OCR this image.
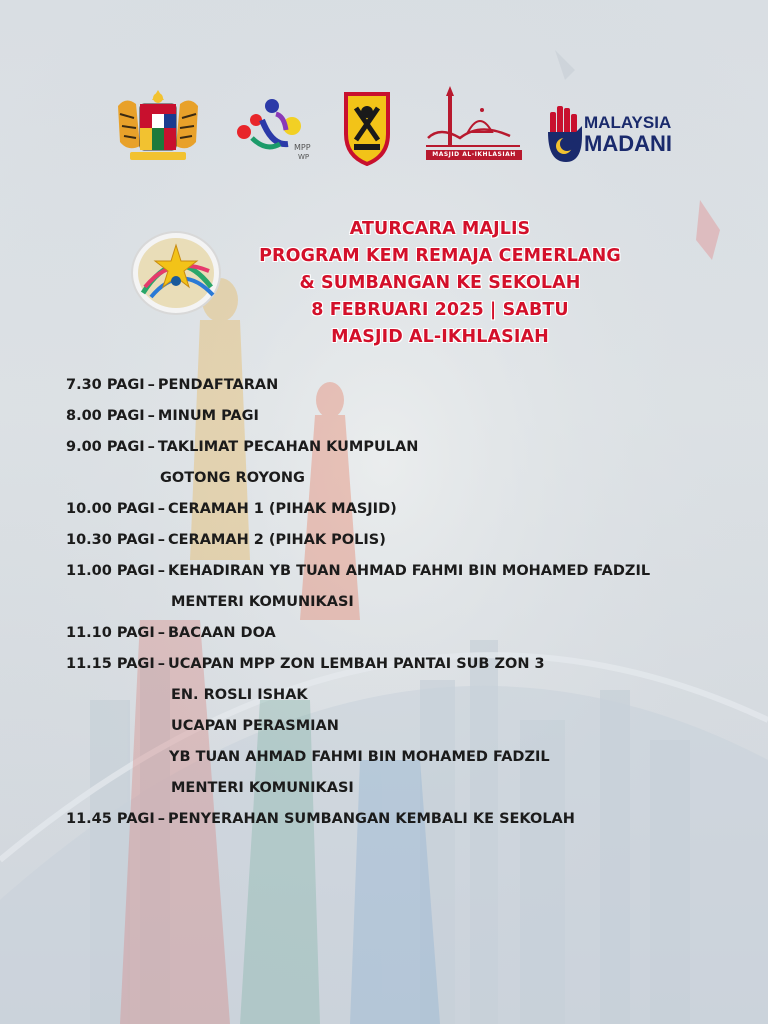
MPP
WP	MASJID AL-IKHLASIAH
MALAYSIA
MADANI
ATURCARA MAJLIS
PROGRAM KEM REMAJA CEMERLANG
& SUMBANGAN KE SEKOLAH
8 FEBRUARI 2025 | SABTU
MASJID AL-IKHLASIAH
7.30 PAGI – PENDAFTARAN
8.00 PAGI – MINUM PAGI
9.00 PAGI – TAKLIMAT PECAHAN KUMPULAN
GOTONG ROYONG
10.00 PAGI – CERAMAH 1 (PIHAK MASJID)
10.30 PAGI – CERAMAH 2 (PIHAK POLIS)
11.00 PAGI – KEHADIRAN YB TUAN AHMAD FAHMI BIN MOHAMED FADZIL
MENTERI KOMUNIKASI
11.10 PAGI – BACAAN DOA
11.15 PAGI – UCAPAN MPP ZON LEMBAH PANTAI SUB ZON 3
EN. ROSLI ISHAK
UCAPAN PERASMIAN
YB TUAN AHMAD FAHMI BIN MOHAMED FADZIL
MENTERI KOMUNIKASI
11.45 PAGI – PENYERAHAN SUMBANGAN KEMBALI KE SEKOLAH
